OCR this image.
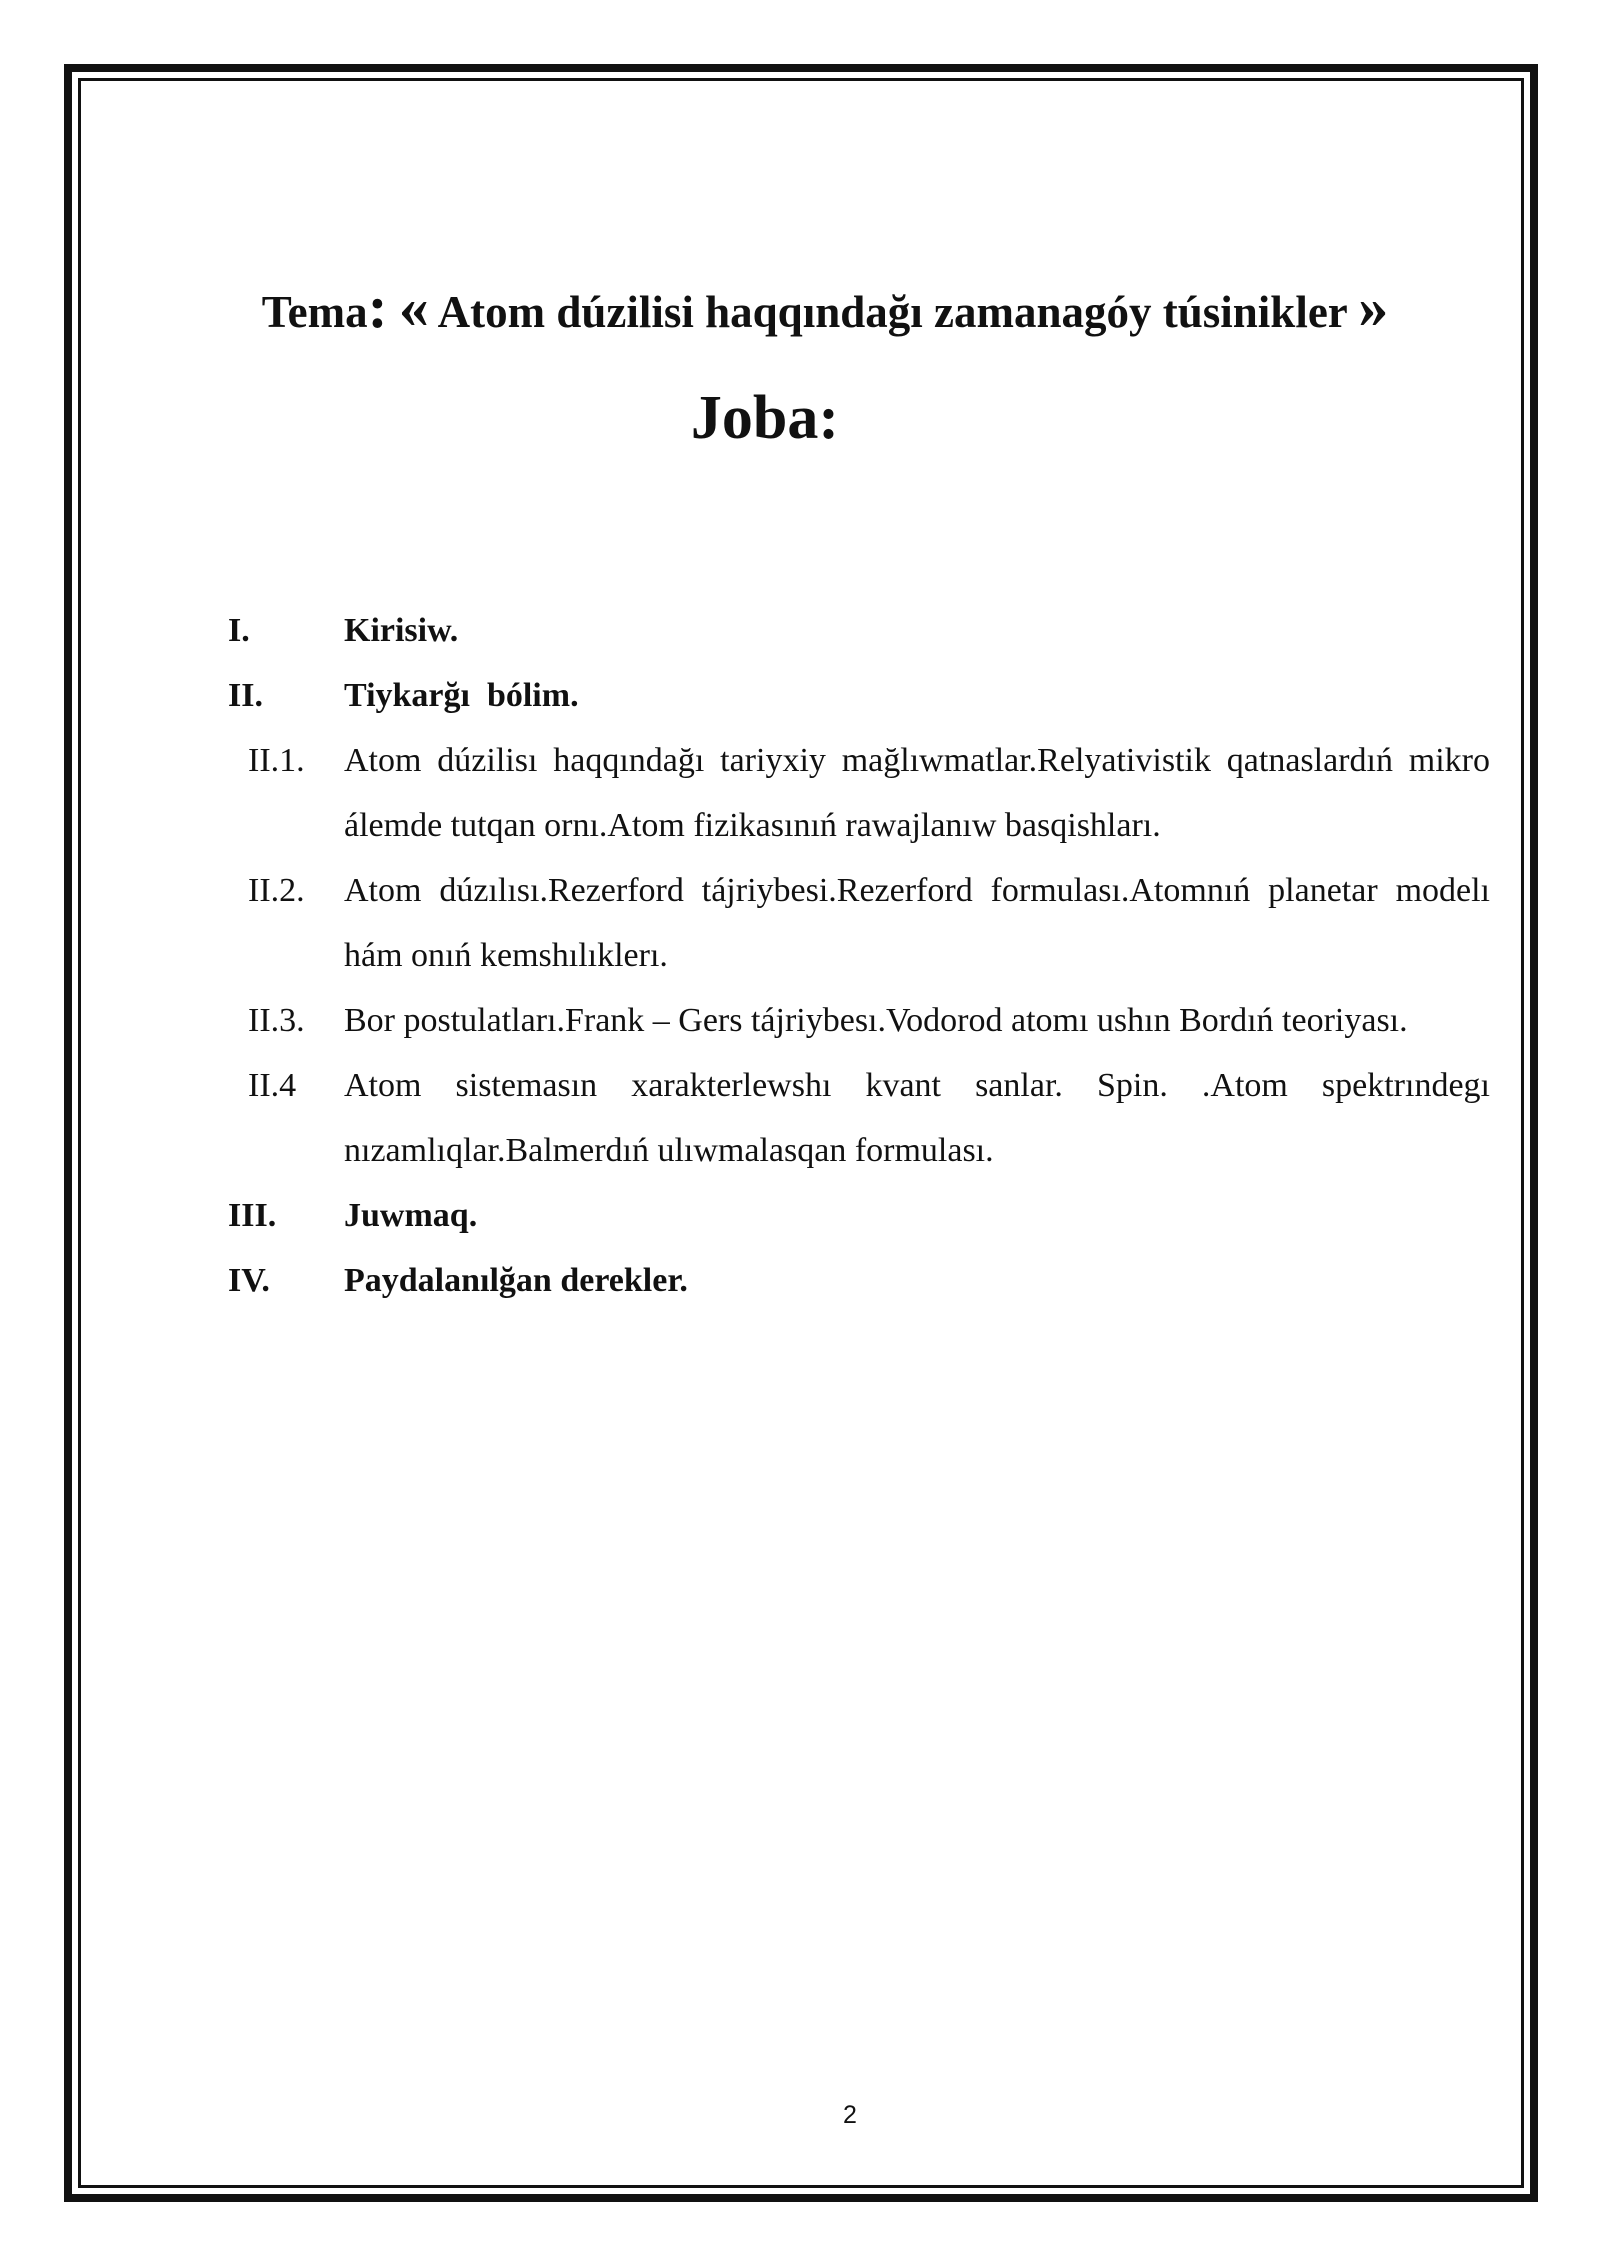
Tema: « Atom dúzilisi haqqındağı zamanagóy túsinikler »
Joba:
I.	Kirisiw.
II.	Tiykarğı  bólim.
II.1.	Atom dúzilisı haqqındağı tariyxiy mağlıwmatlar.Relyativistik qatnaslardıń mikro álemde tutqan ornı.Atom fizikasınıń rawajlanıw basqishları.
II.2.	Atom dúzılısı.Rezerford tájriybesi.Rezerford formulası.Atomnıń planetar modelı hám onıń kemshılıklerı.
II.3.	Bor postulatları.Frank – Gers tájriybesı.Vodorod atomı ushın Bordıń teoriyası.
II.4	Atom sistemasın xarakterlewshı kvant sanlar. Spin. .Atom spektrındegı nızamlıqlar.Balmerdıń ulıwmalasqan formulası.
III.	Juwmaq.
IV.	Paydalanılğan derekler.
2
